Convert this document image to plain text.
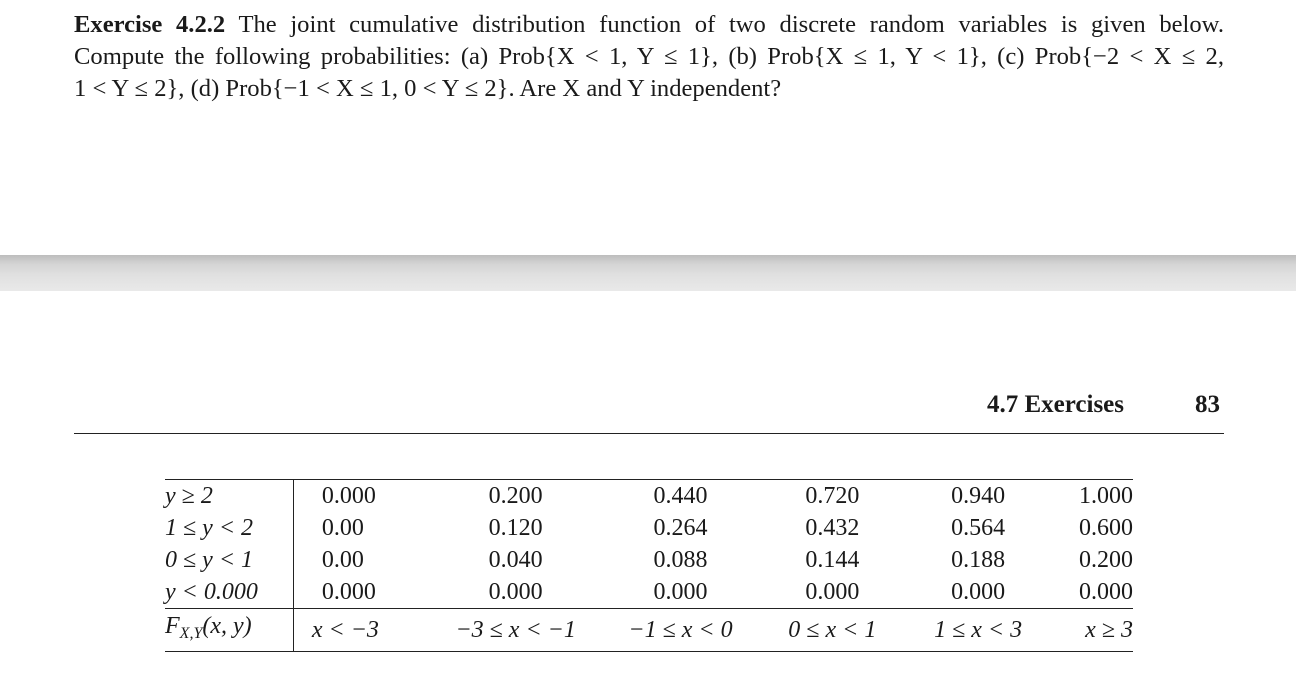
Exercise 4.2.2 The joint cumulative distribution function of two discrete random variables is given below.
Compute the following probabilities: (a) Prob{X < 1, Y ≤ 1}, (b) Prob{X ≤ 1, Y < 1}, (c) Prob{−2 < X ≤ 2,
1 < Y ≤ 2}, (d) Prob{−1 < X ≤ 1, 0 < Y ≤ 2}. Are X and Y independent?
4.7 Exercises	83
y ≥ 2	0.000	0.200	0.440	0.720	0.940	1.000
1 ≤ y < 2	0.00	0.120	0.264	0.432	0.564	0.600
0 ≤ y < 1	0.00	0.040	0.088	0.144	0.188	0.200
y < 0.000	0.000	0.000	0.000	0.000	0.000	0.000
$F_{X,Y}(x$, y)	x < −3	−3 ≤ x < −1	−1 ≤ x < 0	0 ≤ x < 1	1 ≤ x < 3	x ≥ 3
